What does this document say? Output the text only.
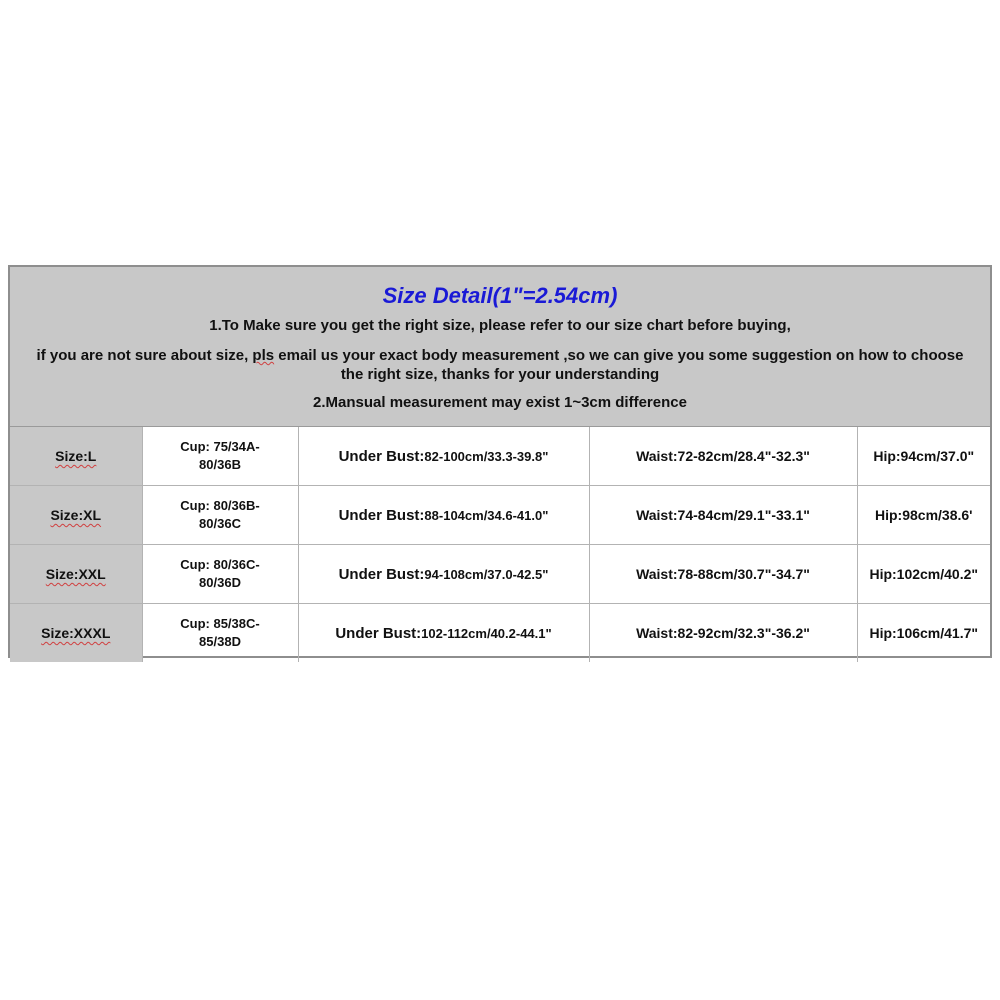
Size Detail(1"=2.54cm)
1.To Make sure you get the right size, please refer to our size chart before buying,
if you are not sure about size, pls email us your exact body measurement ,so we can give you some suggestion on how to choose the right size, thanks for your understanding
2.Mansual measurement may exist 1~3cm difference
Size:L	Cup: 75/34A-
80/36B	Under Bust:82-100cm/33.3-39.8"	Waist:72-82cm/28.4"-32.3"	Hip:94cm/37.0"
Size:XL	Cup: 80/36B-
80/36C	Under Bust:88-104cm/34.6-41.0"	Waist:74-84cm/29.1"-33.1"	Hip:98cm/38.6'
Size:XXL	Cup: 80/36C-
80/36D	Under Bust:94-108cm/37.0-42.5"	Waist:78-88cm/30.7"-34.7"	Hip:102cm/40.2"
Size:XXXL	Cup: 85/38C-
85/38D	Under Bust:102-112cm/40.2-44.1"	Waist:82-92cm/32.3"-36.2"	Hip:106cm/41.7"
